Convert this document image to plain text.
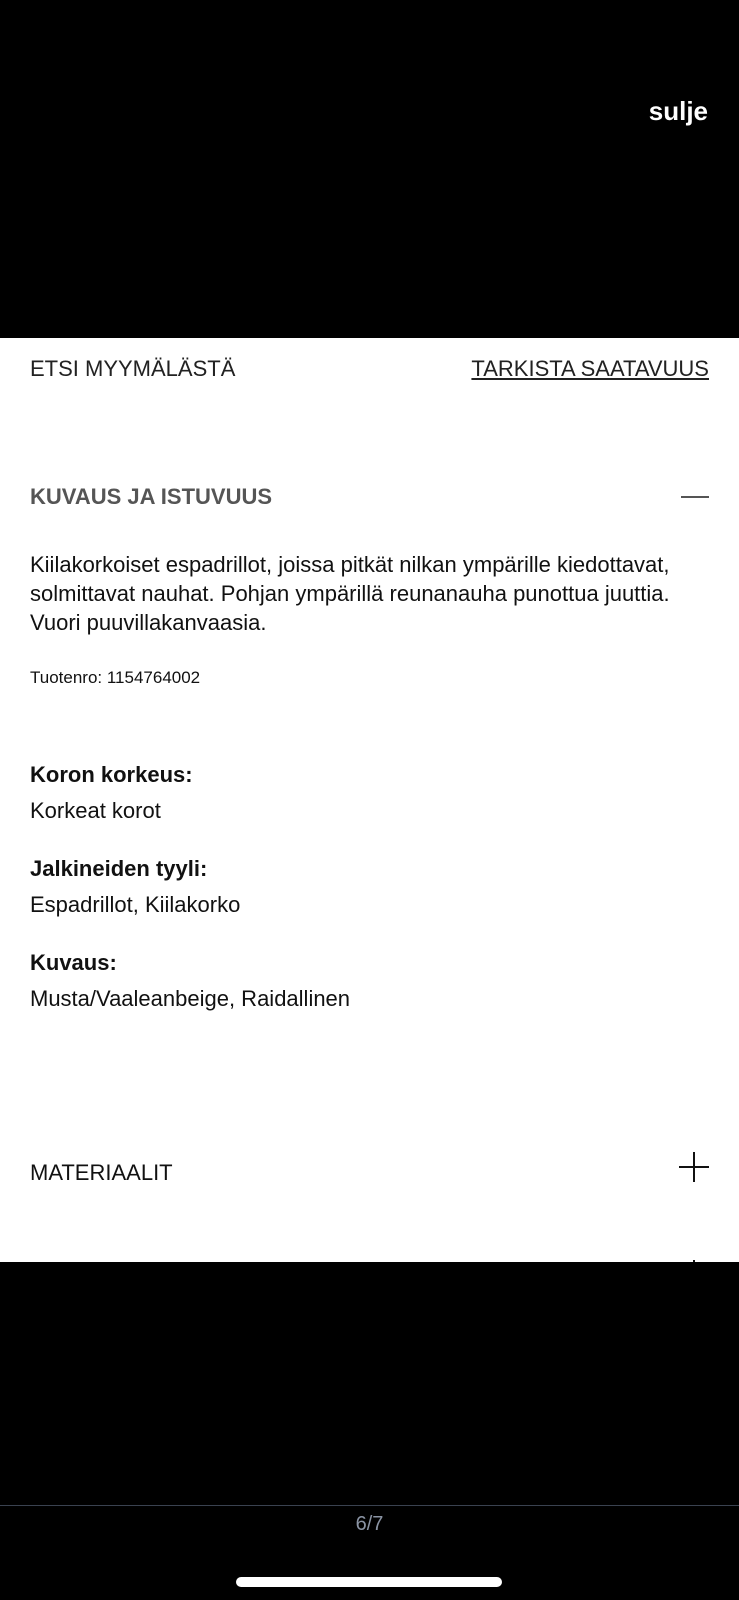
sulje
ETSI MYYMÄLÄSTÄ	TARKISTA SAATAVUUS
KUVAUS JA ISTUVUUS
Kiilakorkoiset espadrillot, joissa pitkät nilkan ympärille kiedottavat, solmittavat nauhat. Pohjan ympärillä reunanauha punottua juuttia. Vuori puuvillakanvaasia.
Tuotenro: 1154764002
Koron korkeus:
Korkeat korot
Jalkineiden tyyli:
Espadrillot, Kiilakorko
Kuvaus:
Musta/Vaaleanbeige, Raidallinen
MATERIAALIT
6/7
